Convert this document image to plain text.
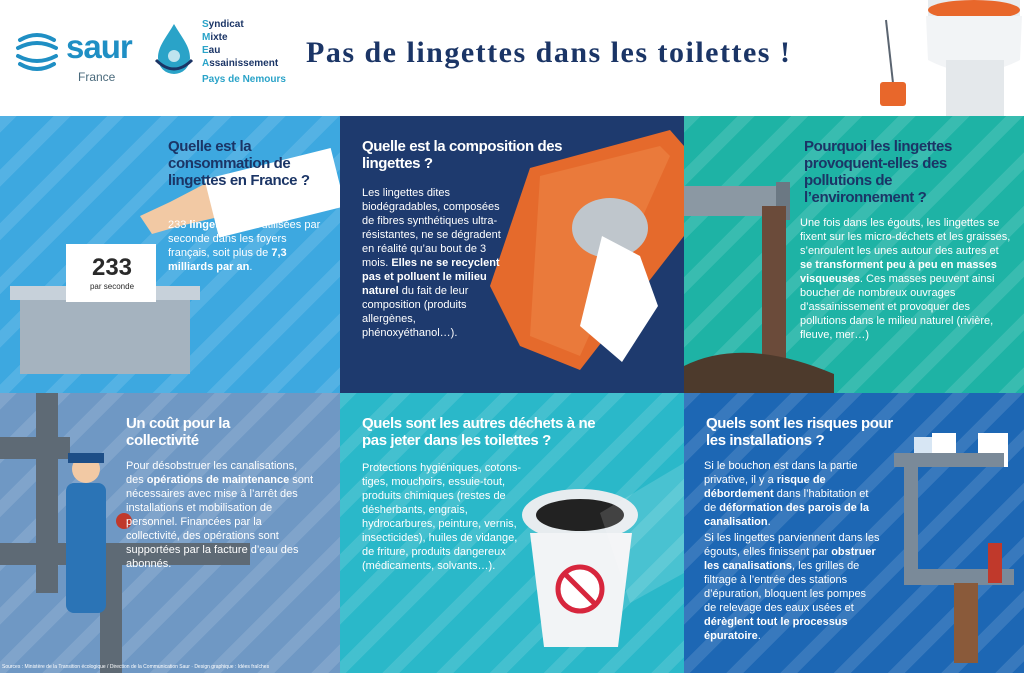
saur
France
Syndicat
Mixte
Eau
Assainissement
Pays de Nemours
Pas de lingettes dans les toilettes !
Quelle est la consommation de lingettes en France ?
233 lingettes sont utilisées par seconde dans les foyers français, soit plus de 7,3 milliards par an.
233
par seconde
Quelle est la composition des lingettes ?
Les lingettes dites biodégradables, composées de fibres synthétiques ultra-résistantes, ne se dégradent en réalité qu’au bout de 3 mois. Elles ne se recyclent pas et polluent le milieu naturel du fait de leur composition (produits allergènes, phénoxyéthanol…).
Pourquoi les lingettes provoquent-elles des pollutions de l’environnement ?
Une fois dans les égouts, les lingettes se fixent sur les micro-déchets et les graisses, s’enroulent les unes autour des autres et se transforment peu à peu en masses visqueuses. Ces masses peuvent ainsi boucher de nombreux ouvrages d’assainissement et provoquer des pollutions dans le milieu naturel (rivière, fleuve, mer…)
Un coût pour la collectivité
Pour désobstruer les canalisations, des opérations de maintenance sont nécessaires avec mise à l’arrêt des installations et mobilisation de personnel. Financées par la collectivité, des opérations sont supportées par la facture d’eau des abonnés.
Quels sont les autres déchets à ne pas jeter dans les toilettes ?
Protections hygiéniques, cotons-tiges, mouchoirs, essuie-tout, produits chimiques (restes de désherbants, engrais, hydrocarbures, peinture, vernis, insecticides), huiles de vidange, de friture, produits dangereux (médicaments, solvants…).
Quels sont les risques pour les installations ?
Si le bouchon est dans la partie privative, il y a risque de débordement dans l’habitation et de déformation des parois de la canalisation.
Si les lingettes parviennent dans les égouts, elles finissent par obstruer les canalisations, les grilles de filtrage à l’entrée des stations d’épuration, bloquent les pompes de relevage des eaux usées et dérèglent tout le processus épuratoire.
Sources : Ministère de la Transition écologique / Direction de la Communication Saur · Design graphique : Idées fraîches
